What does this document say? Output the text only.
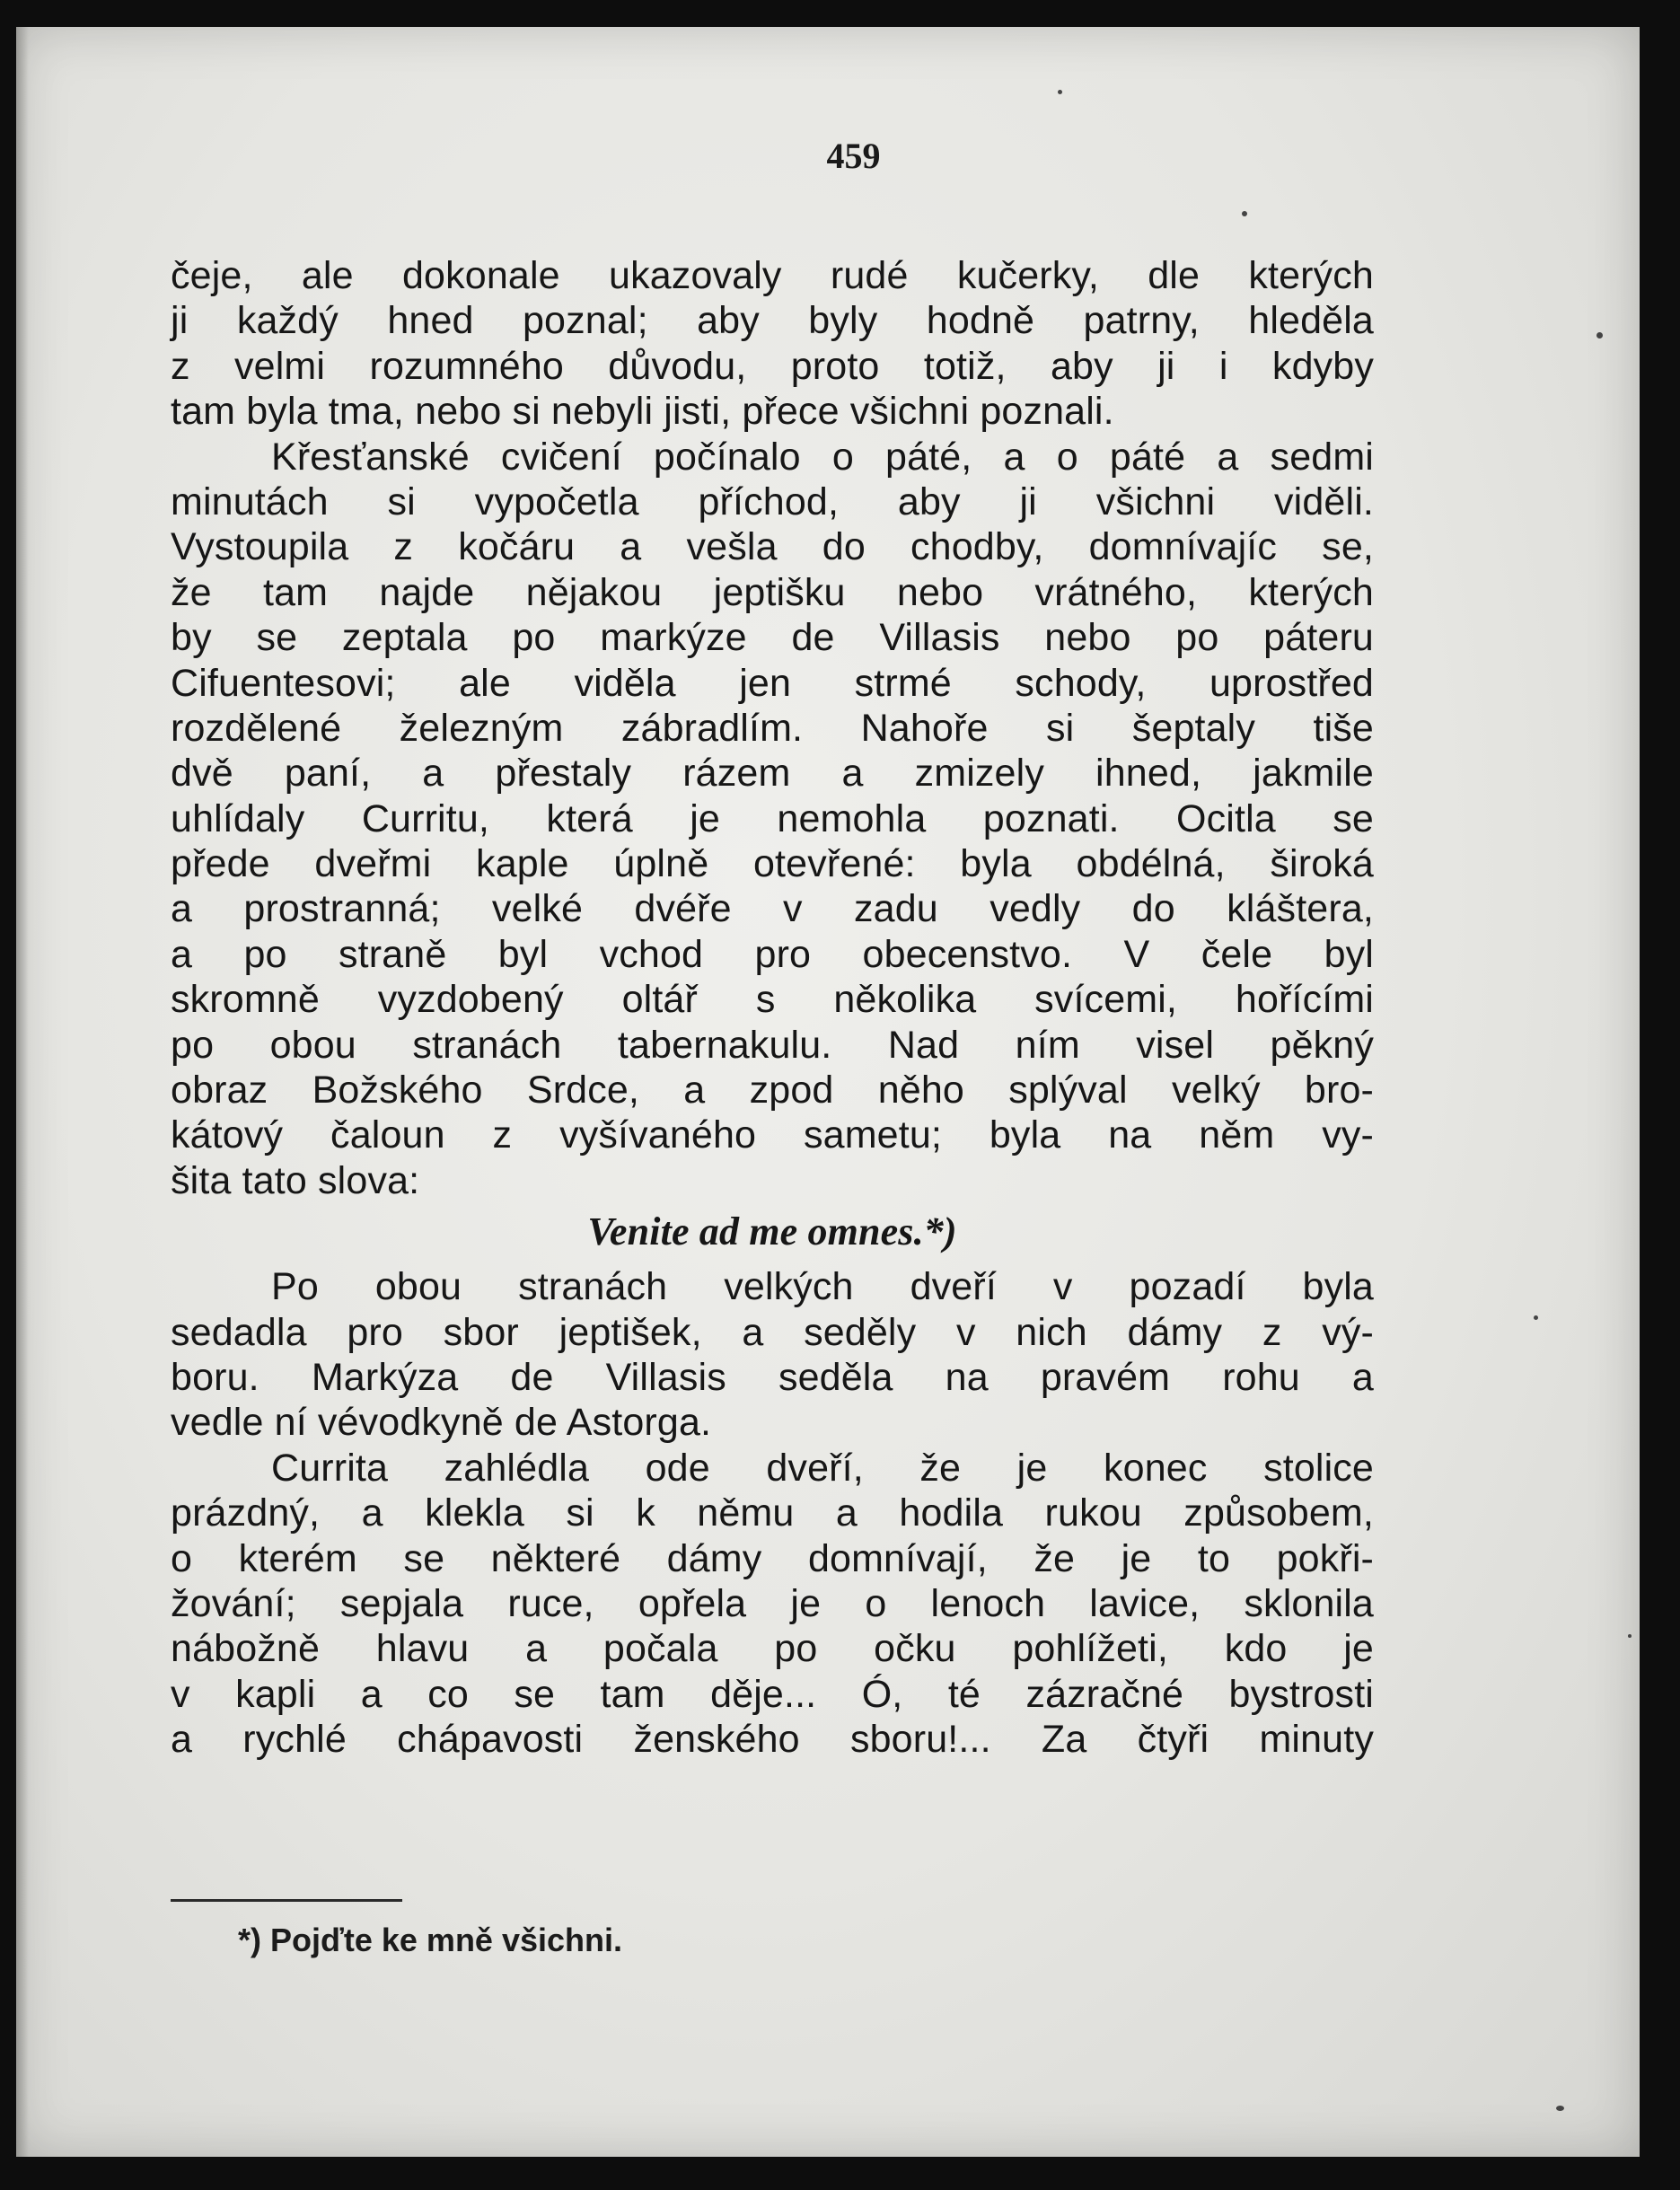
459
čeje, ale dokonale ukazovaly rudé kučerky, dle kterých
ji každý hned poznal; aby byly hodně patrny, hleděla
z velmi rozumného důvodu, proto totiž, aby ji i kdyby
tam byla tma, nebo si nebyli jisti, přece všichni poznali.
Křesťanské cvičení počínalo o páté, a o páté a sedmi
minutách si vypočetla příchod, aby ji všichni viděli.
Vystoupila z kočáru a vešla do chodby, domnívajíc se,
že tam najde nějakou jeptišku nebo vrátného, kterých
by se zeptala po markýze de Villasis nebo po páteru
Cifuentesovi; ale viděla jen strmé schody, uprostřed
rozdělené železným zábradlím. Nahoře si šeptaly tiše
dvě paní, a přestaly rázem a zmizely ihned, jakmile
uhlídaly Curritu, která je nemohla poznati. Ocitla se
přede dveřmi kaple úplně otevřené: byla obdélná, široká
a prostranná; velké dvéře v zadu vedly do kláštera,
a po straně byl vchod pro obecenstvo. V čele byl
skromně vyzdobený oltář s několika svícemi, hořícími
po obou stranách tabernakulu. Nad ním visel pěkný
obraz Božského Srdce, a zpod něho splýval velký bro-
kátový čaloun z vyšívaného sametu; byla na něm vy-
šita tato slova:
Venite ad me omnes.*)
Po obou stranách velkých dveří v pozadí byla
sedadla pro sbor jeptišek, a seděly v nich dámy z vý-
boru. Markýza de Villasis seděla na pravém rohu a
vedle ní vévodkyně de Astorga.
Currita zahlédla ode dveří, že je konec stolice
prázdný, a klekla si k němu a hodila rukou způsobem,
o kterém se některé dámy domnívají, že je to pokři-
žování; sepjala ruce, opřela je o lenoch lavice, sklonila
nábožně hlavu a počala po očku pohlížeti, kdo je
v kapli a co se tam děje... Ó, té zázračné bystrosti
a rychlé chápavosti ženského sboru!... Za čtyři minuty
*) Pojďte ke mně všichni.
